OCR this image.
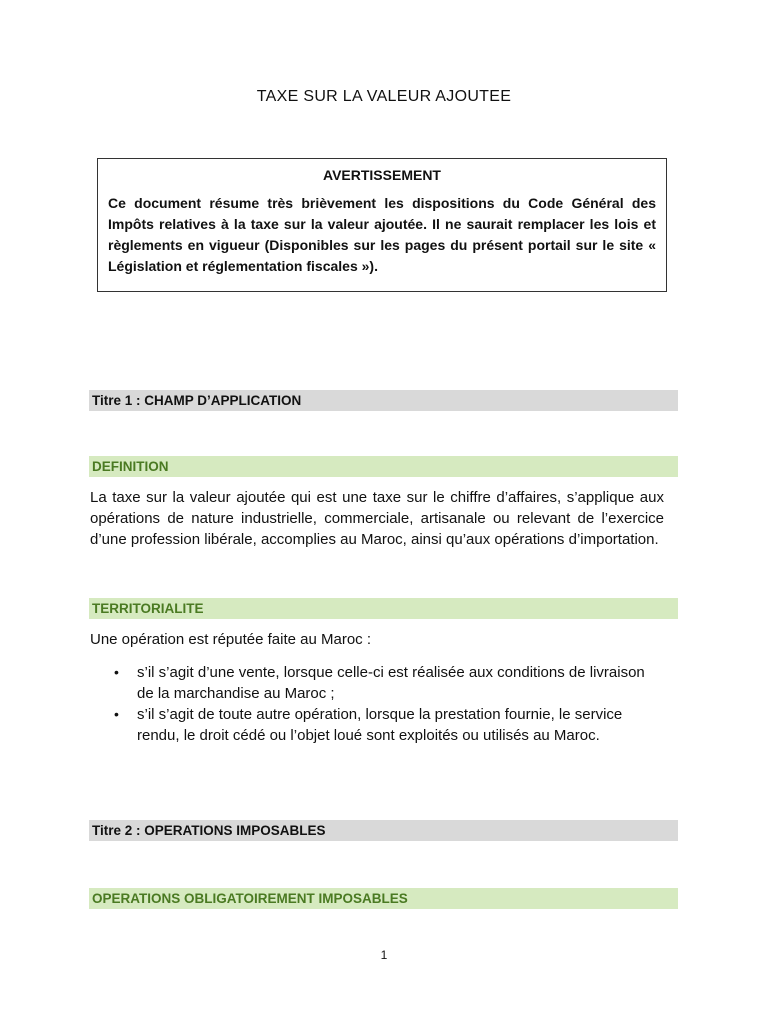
TAXE SUR LA VALEUR AJOUTEE
AVERTISSEMENT

Ce document résume très brièvement les dispositions du Code Général des Impôts relatives à la taxe sur la valeur ajoutée. Il ne saurait remplacer les lois et règlements en vigueur (Disponibles sur les pages du présent portail sur le site « Législation et réglementation fiscales »).

Titre 1 : CHAMP D’APPLICATION
DEFINITION

La taxe sur la valeur ajoutée qui est une taxe sur le chiffre d’affaires, s’applique aux opérations de nature industrielle, commerciale, artisanale ou relevant de l’exercice d’une profession libérale, accomplies au Maroc, ainsi qu’aux opérations d’importation.

TERRITORIALITE

Une opération est réputée faite au Maroc :

• s’il s’agit d’une vente, lorsque celle-ci est réalisée aux conditions de livraison de la marchandise au Maroc ;
• s’il s’agit de toute autre opération, lorsque la prestation fournie, le service rendu, le droit cédé ou l’objet loué sont exploités ou utilisés au Maroc.
Titre 2 : OPERATIONS IMPOSABLES
OPERATIONS OBLIGATOIREMENT IMPOSABLES
1
